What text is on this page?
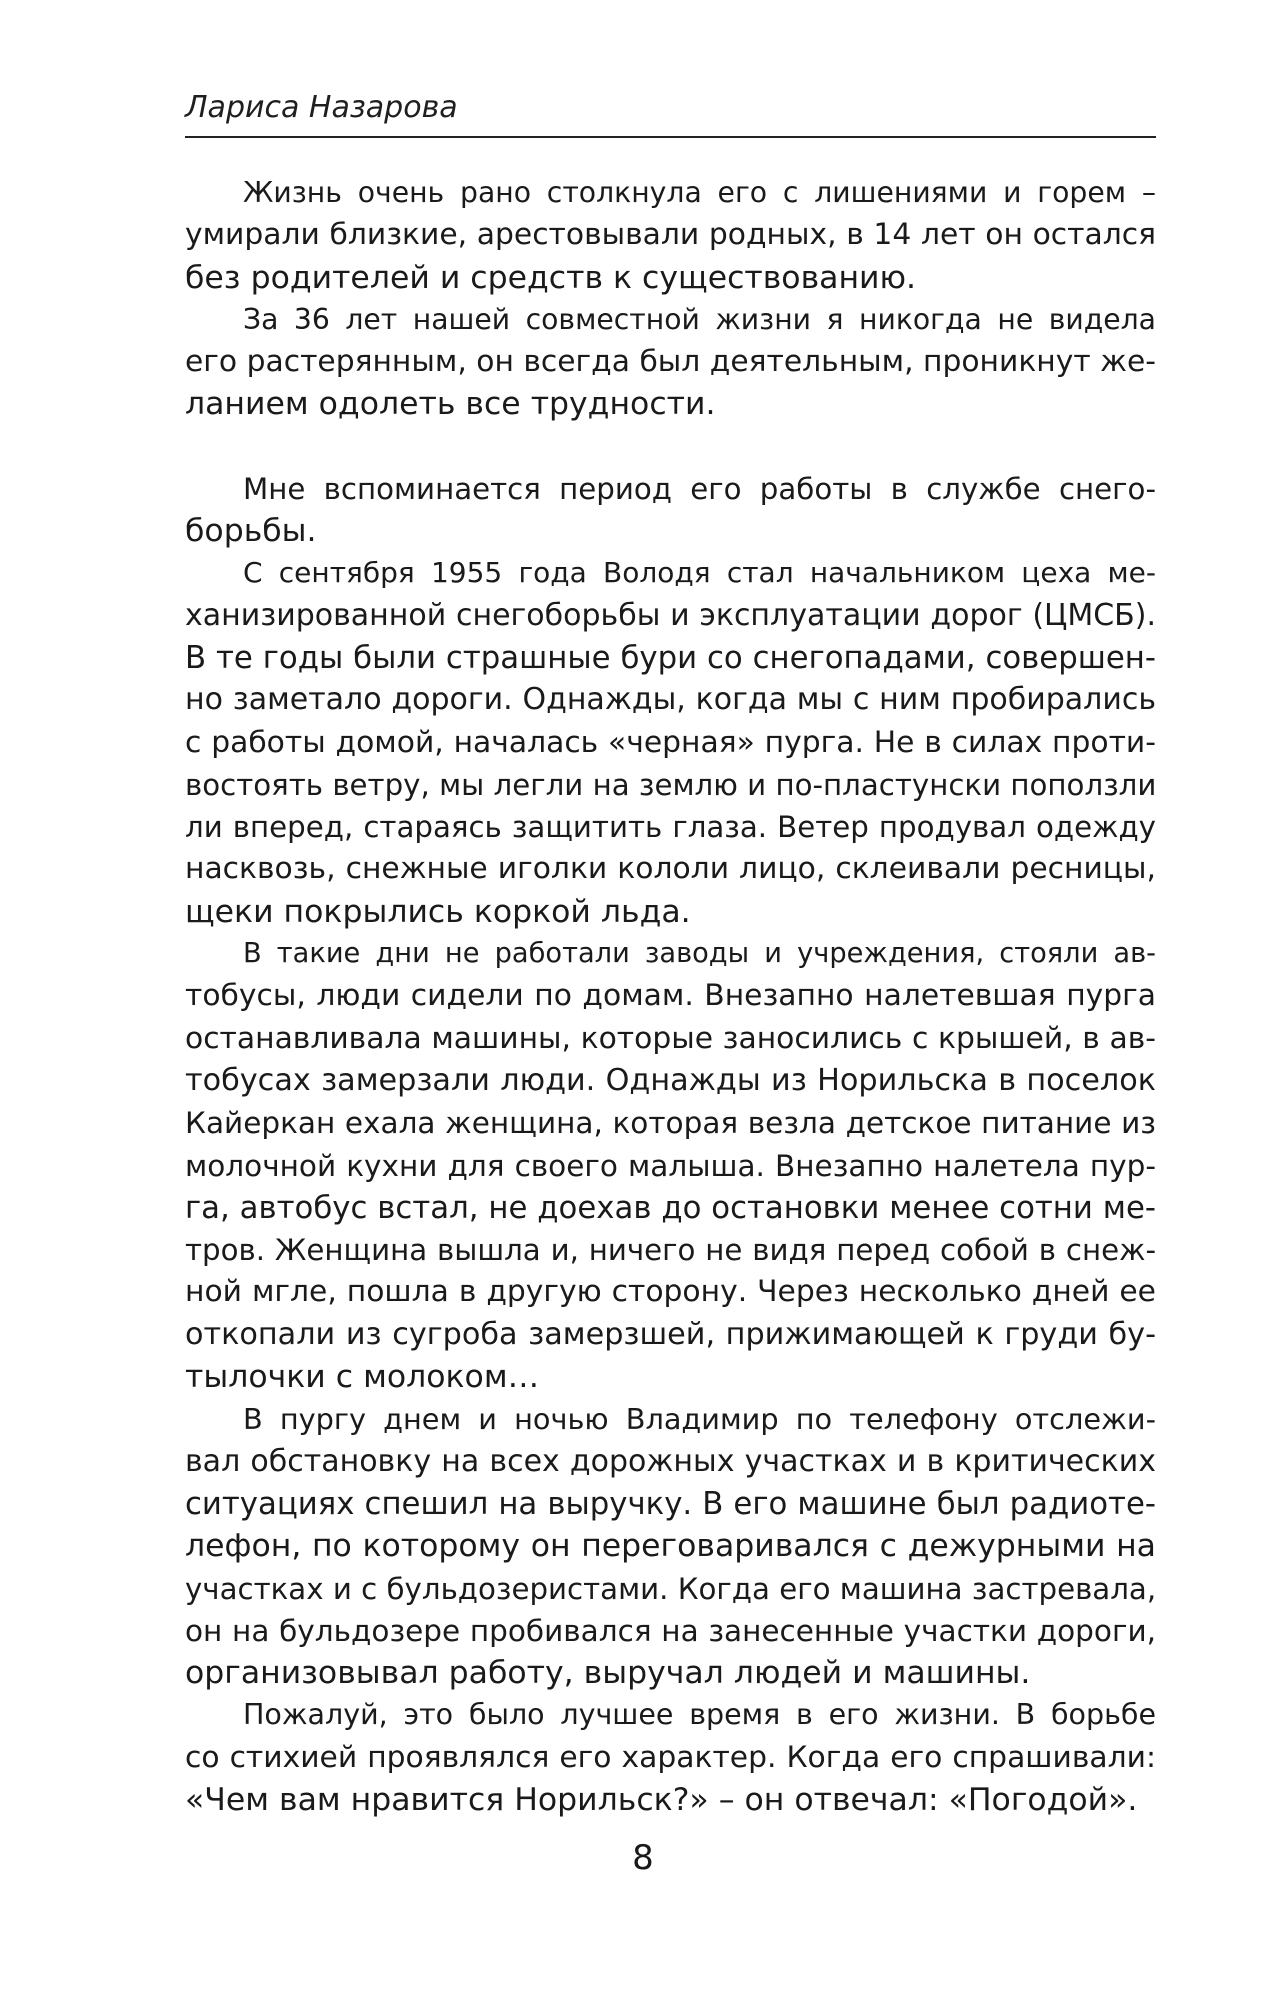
Лариса Назарова

Жизнь очень рано столкнула его с лишениями и горем –
умирали близкие, арестовывали родных, в 14 лет он остался
без родителей и средств к существованию.

За 36 лет нашей совместной жизни я никогда не видела
его растерянным, он всегда был деятельным, проникнут же-
ланием одолеть все трудности.

Мне вспоминается период его работы в службе снего-
борьбы.

С сентября 1955 года Володя стал начальником цеха ме-
ханизированной снегоборьбы и эксплуатации дорог (ЦМСБ).
В те годы были страшные бури со снегопадами, совершен-
но заметало дороги. Однажды, когда мы с ним пробирались
с работы домой, началась «черная» пурга. Не в силах проти-
востоять ветру, мы легли на землю и по-пластунски поползли
ли вперед, стараясь защитить глаза. Ветер продувал одежду
насквозь, снежные иголки кололи лицо, склеивали ресницы,
щеки покрылись коркой льда.

В такие дни не работали заводы и учреждения, стояли ав-
тобусы, люди сидели по домам. Внезапно налетевшая пурга
останавливала машины, которые заносились с крышей, в ав-
тобусах замерзали люди. Однажды из Норильска в поселок
Кайеркан ехала женщина, которая везла детское питание из
молочной кухни для своего малыша. Внезапно налетела пур-
га, автобус встал, не доехав до остановки менее сотни ме-
тров. Женщина вышла и, ничего не видя перед собой в снеж-
ной мгле, пошла в другую сторону. Через несколько дней ее
откопали из сугроба замерзшей, прижимающей к груди бу-
тылочки с молоком…

В пургу днем и ночью Владимир по телефону отслежи-
вал обстановку на всех дорожных участках и в критических
ситуациях спешил на выручку. В его машине был радиоте-
лефон, по которому он переговаривался с дежурными на
участках и с бульдозеристами. Когда его машина застревала,
он на бульдозере пробивался на занесенные участки дороги,
организовывал работу, выручал людей и машины.

Пожалуй, это было лучшее время в его жизни. В борьбе
со стихией проявлялся его характер. Когда его спрашивали:
«Чем вам нравится Норильск?» – он отвечал: «Погодой».

8
